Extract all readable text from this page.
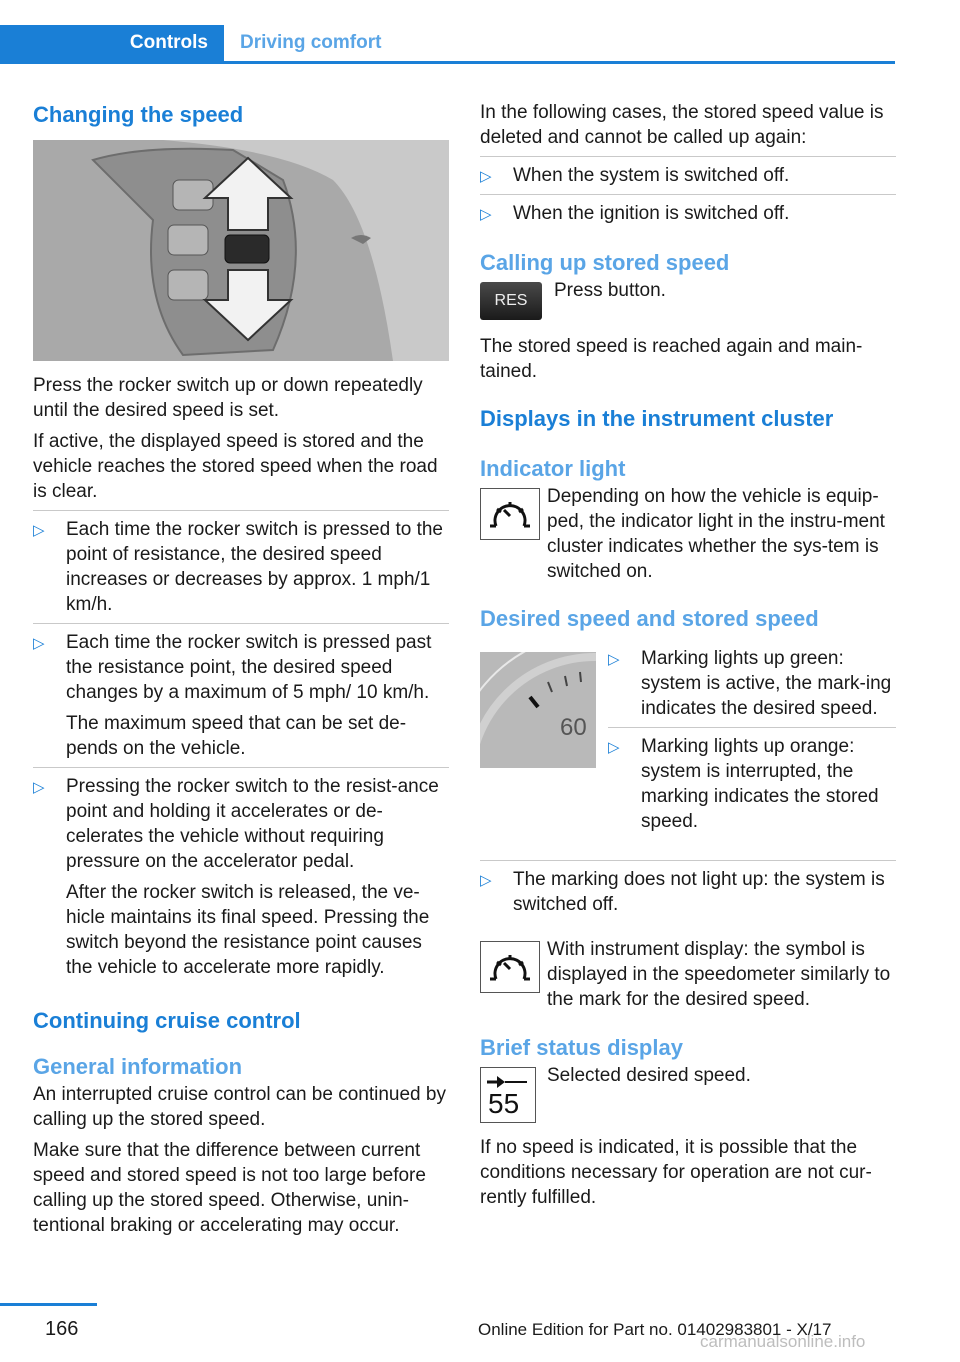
Controls	Driving comfort
Changing the speed

Press the rocker switch up or down repeatedly until the desired speed is set.

If active, the displayed speed is stored and the vehicle reaches the stored speed when the road is clear.

▷ Each time the rocker switch is pressed to the point of resistance, the desired speed increases or decreases by approx. 1 mph/1 km/h.

▷ Each time the rocker switch is pressed past the resistance point, the desired speed changes by a maximum of 5 mph/ 10 km/h.

The maximum speed that can be set de‐pends on the vehicle.

▷ Pressing the rocker switch to the resist‐ance point and holding it accelerates or de‐celerates the vehicle without requiring pressure on the accelerator pedal.

After the rocker switch is released, the ve‐hicle maintains its final speed. Pressing the switch beyond the resistance point causes the vehicle to accelerate more rapidly.

Continuing cruise control
General information

An interrupted cruise control can be continued by calling up the stored speed.

Make sure that the difference between current speed and stored speed is not too large before calling up the stored speed. Otherwise, unin‐tentional braking or accelerating may occur.

In the following cases, the stored speed value is deleted and cannot be called up again:

▷ When the system is switched off.

▷ When the ignition is switched off.

Calling up stored speed
RES Press button.

The stored speed is reached again and main‐tained.

Displays in the instrument cluster
Indicator light

Depending on how the vehicle is equip‐ped, the indicator light in the instru‐ment cluster indicates whether the sys‐tem is switched on.

Desired speed and stored speed
60
▷ Marking lights up green: system is active, the mark‐ing indicates the desired speed.

▷ Marking lights up orange: system is interrupted, the marking indicates the stored speed.

▷ The marking does not light up: the system is switched off.

With instrument display: the symbol is displayed in the speedometer similarly to the mark for the desired speed.

Brief status display
55

Selected desired speed.

If no speed is indicated, it is possible that the conditions necessary for operation are not cur‐rently fulfilled.

166	Online Edition for Part no. 01402983801 - X/17
carmanualsonline.info
